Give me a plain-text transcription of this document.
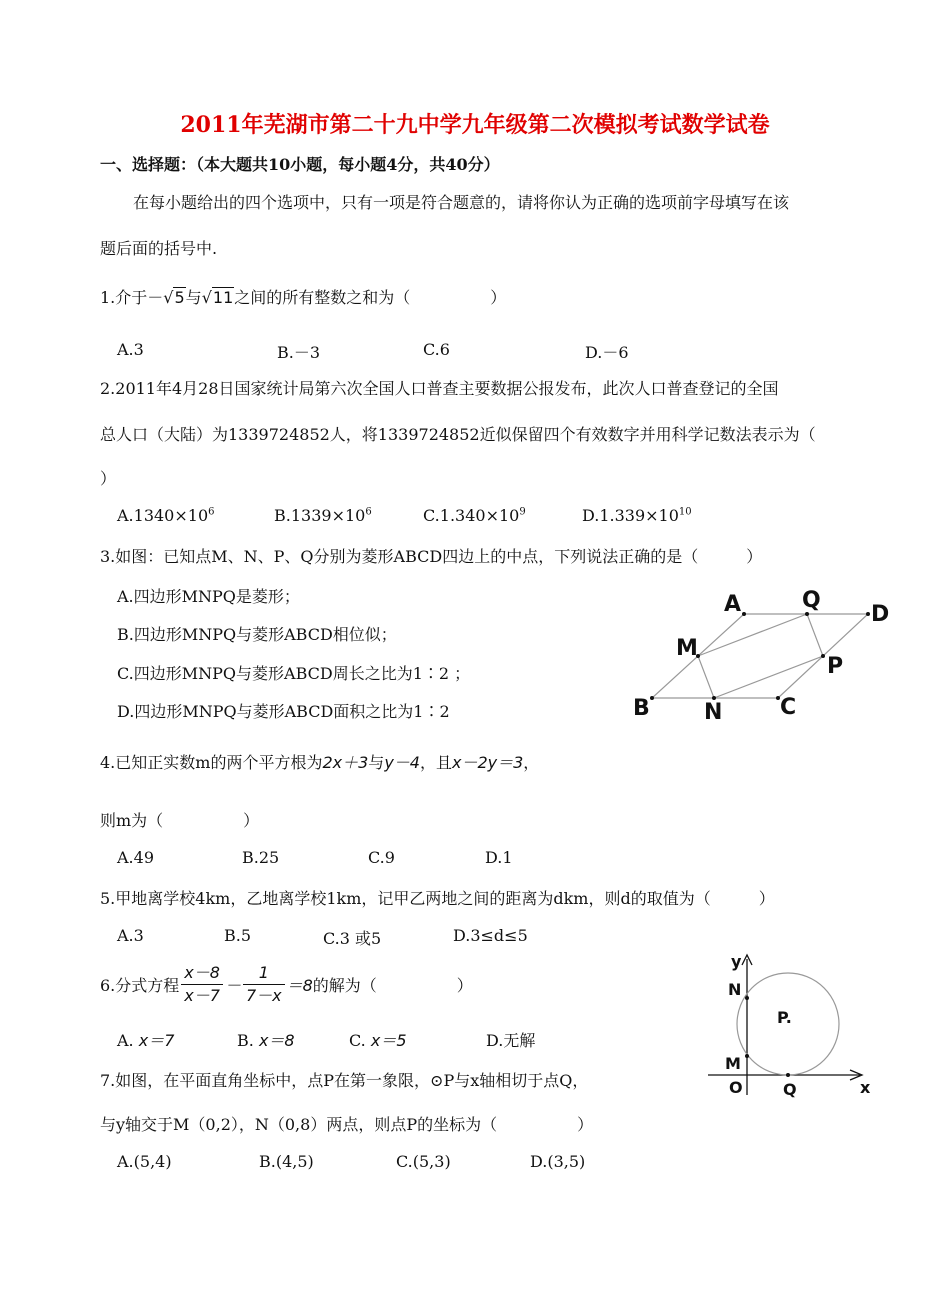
2011年芜湖市第二十九中学九年级第二次模拟考试数学试卷
一、选择题：（本大题共10小题，每小题4分，共40分）
在每小题给出的四个选项中，只有一项是符合题意的，请将你认为正确的选项前字母填写在该
题后面的括号中.
1.介于－√5与√11之间的所有整数之和为（　　　　　）
A.3	B.－3	C.6	D.－6
2.2011年4月28日国家统计局第六次全国人口普查主要数据公报发布，此次人口普查登记的全国
总人口（大陆）为1339724852人，将1339724852近似保留四个有效数字并用科学记数法表示为（
）
$A.1340\times 10^6$	$B.1339\times 10^6$	$C.1.340\times 10^9$	$D.1.339\times 10^{10}$
3.如图：已知点M、N、P、Q分别为菱形ABCD四边上的中点，下列说法正确的是（　　　）
A.四边形MNPQ是菱形；
B.四边形MNPQ与菱形ABCD相位似；
C.四边形MNPQ与菱形ABCD周长之比为1∶2 ；
D.四边形MNPQ与菱形ABCD面积之比为1∶2
A	Q
D
M
P
B N	C
4.已知正实数m的两个平方根为2x＋3与y－4，且x－2y＝3，
则m为（　　　　　）
A.49	B.25	C.9	D.1
5.甲地离学校4km，乙地离学校1km，记甲乙两地之间的距离为dkm，则d的取值为（　　　）
A.3	B.5	C.3 或5	D.3≤d≤5
6.分式方程 $\frac{x-8}{x-7} - \frac{1}{7-x} =8$ 的解为（　　　　　）
A. x＝7	B. x＝8	C. x＝5	D.无解
7.如图，在平面直角坐标中，点P在第一象限，⊙P与x轴相切于点Q，
与y轴交于M（0,2），N（0,8）两点，则点P的坐标为（　　　　　）
A.(5,4)	B.(4,5)	C.(5,3)	D.(3,5)
y
N
P.
M
O	Q	x
